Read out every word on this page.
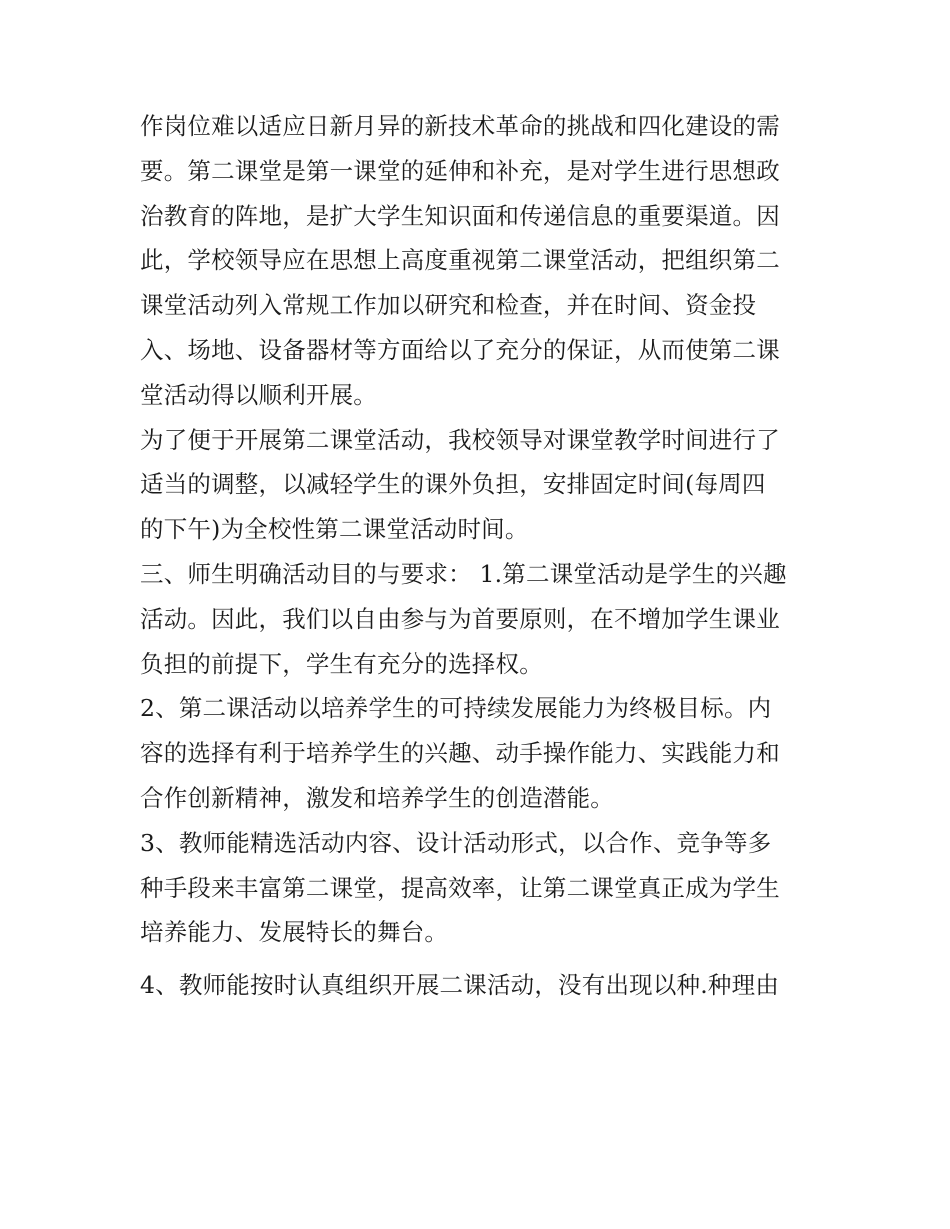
作岗位难以适应日新月异的新技术革命的挑战和四化建设的需
要。第二课堂是第一课堂的延伸和补充，是对学生进行思想政
治教育的阵地，是扩大学生知识面和传递信息的重要渠道。因
此，学校领导应在思想上高度重视第二课堂活动，把组织第二
课堂活动列入常规工作加以研究和检查，并在时间、资金投
入、场地、设备器材等方面给以了充分的保证，从而使第二课
堂活动得以顺利开展。
为了便于开展第二课堂活动，我校领导对课堂教学时间进行了
适当的调整，以减轻学生的课外负担，安排固定时间(每周四
的下午)为全校性第二课堂活动时间。
三、师生明确活动目的与要求： 1.第二课堂活动是学生的兴趣
活动。因此，我们以自由参与为首要原则，在不增加学生课业
负担的前提下，学生有充分的选择权。
2、第二课活动以培养学生的可持续发展能力为终极目标。内
容的选择有利于培养学生的兴趣、动手操作能力、实践能力和
合作创新精神，激发和培养学生的创造潜能。
3、教师能精选活动内容、设计活动形式，以合作、竞争等多
种手段来丰富第二课堂，提高效率，让第二课堂真正成为学生
培养能力、发展特长的舞台。
4、教师能按时认真组织开展二课活动，没有出现以种.种理由
